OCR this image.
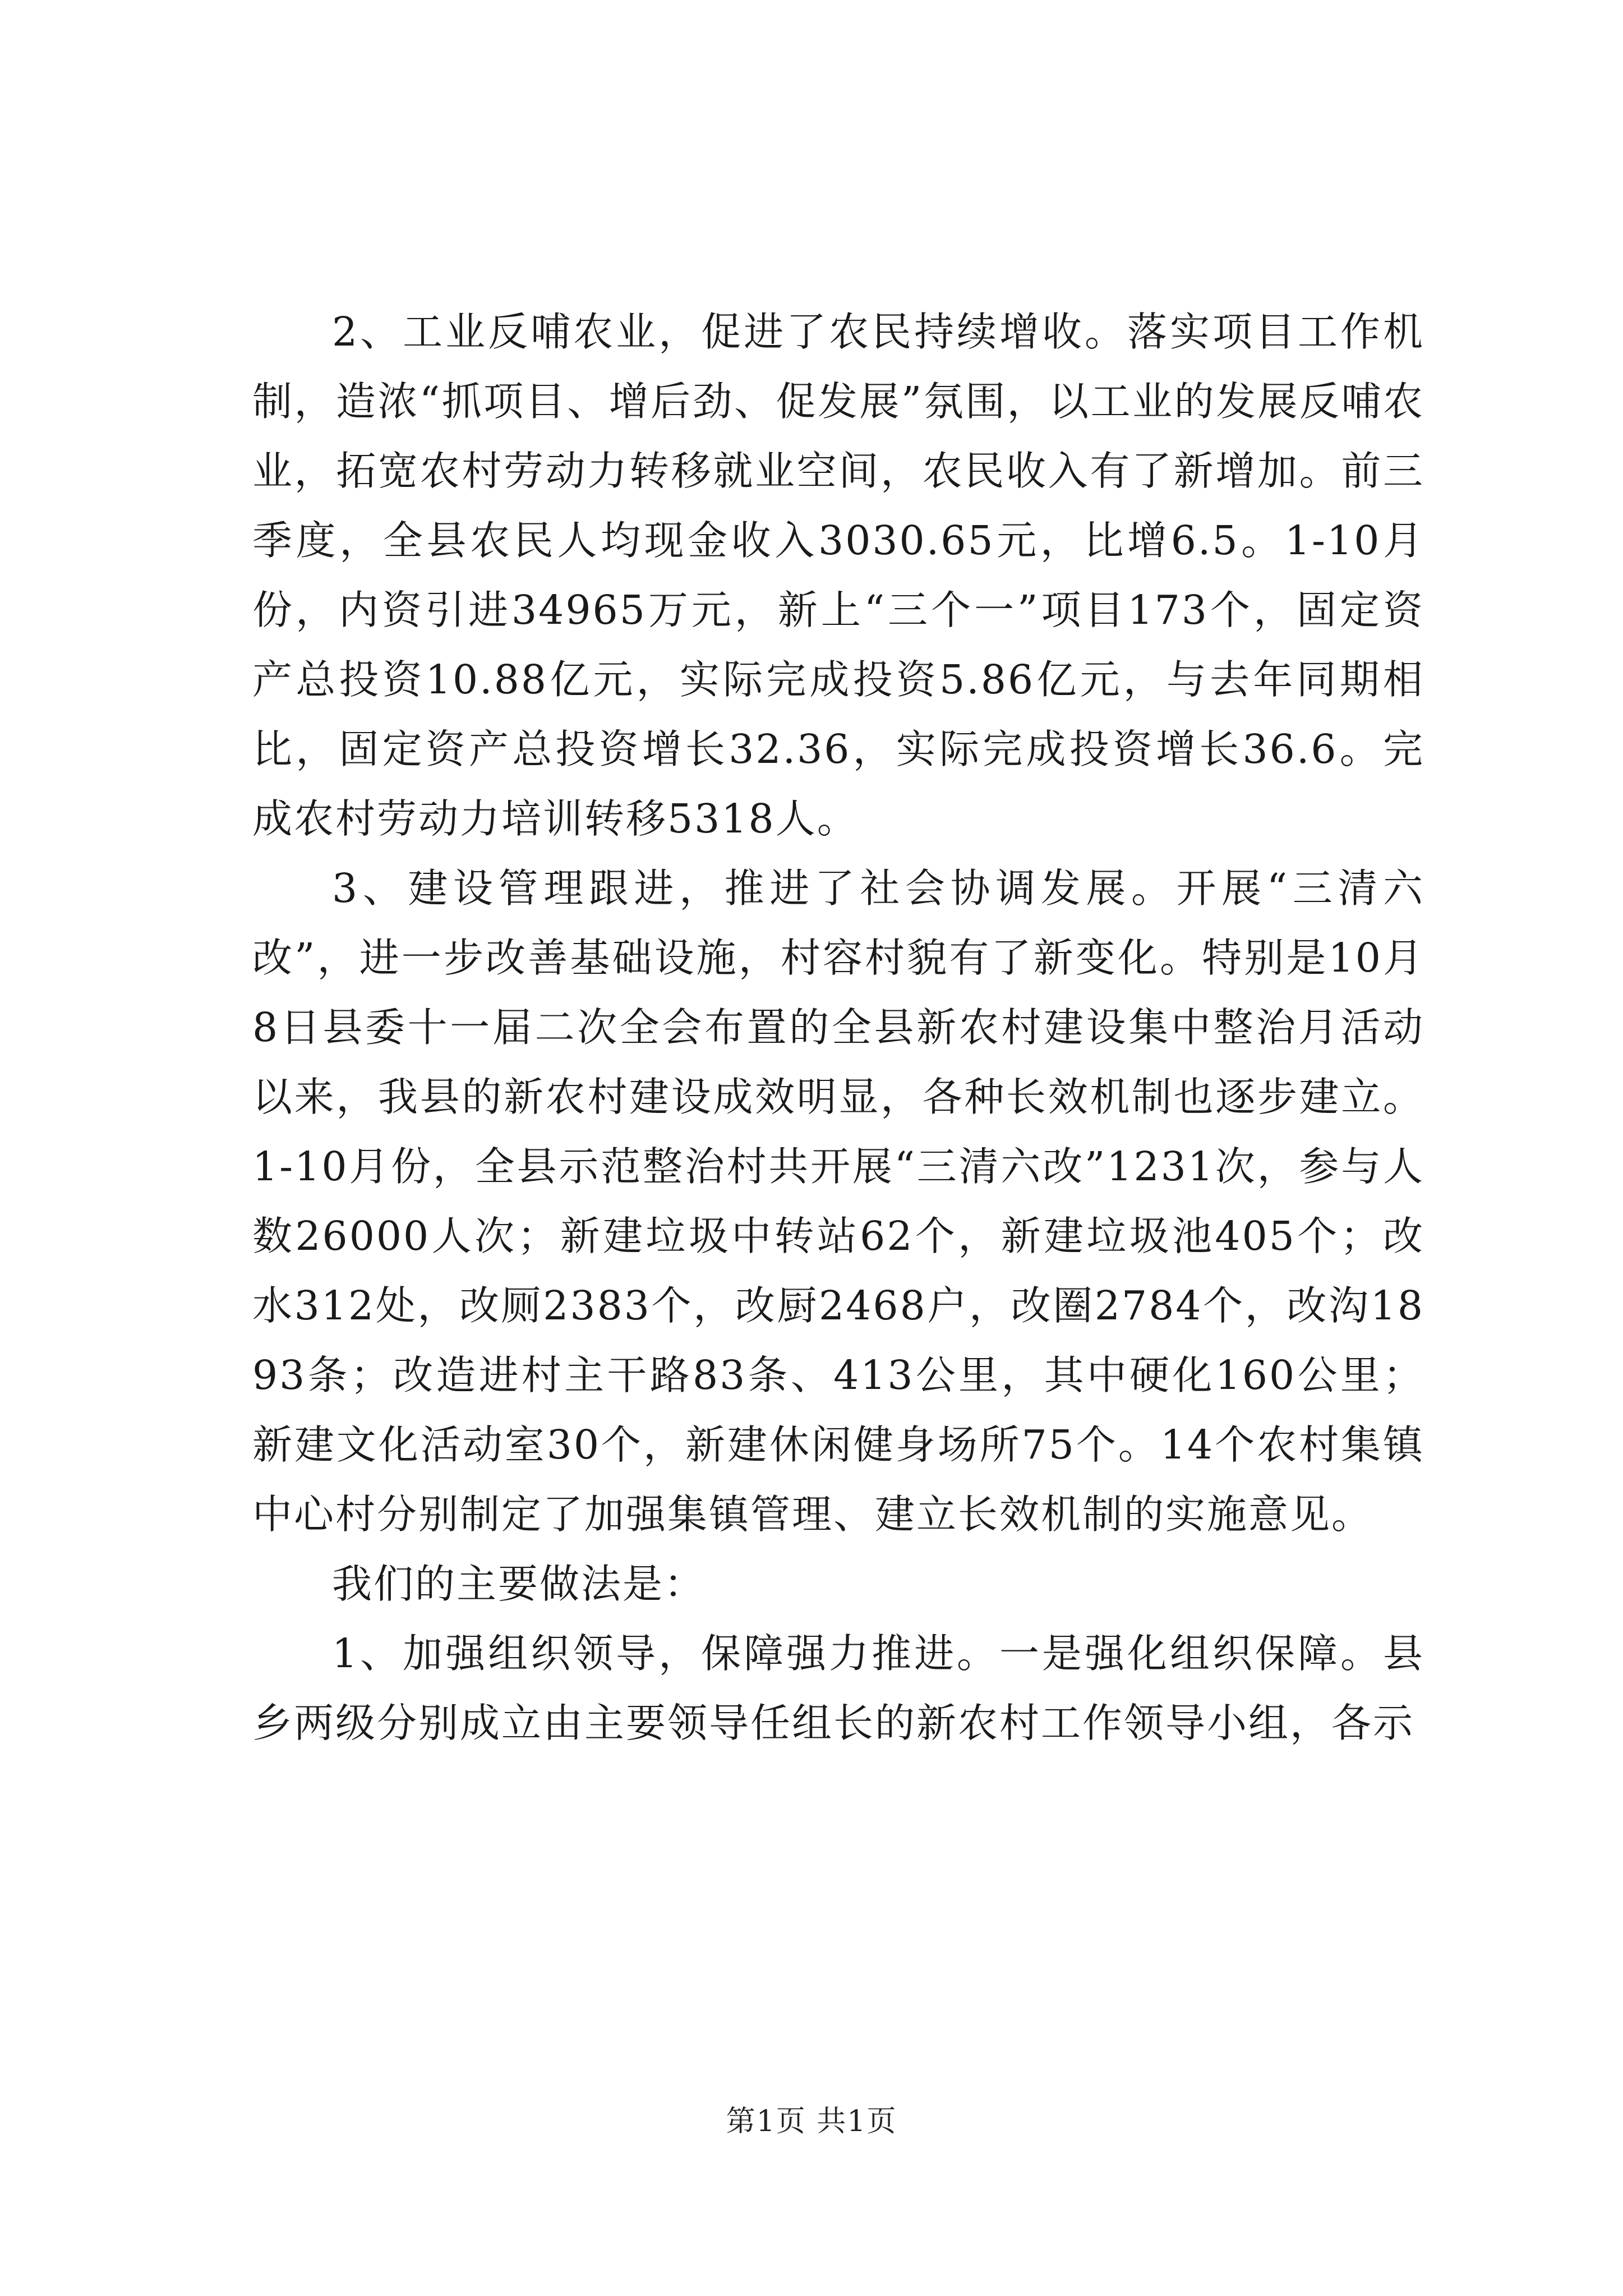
2、工业反哺农业，促进了农民持续增收。落实项目工作机制，造浓“抓项目、增后劲、促发展”氛围，以工业的发展反哺农业，拓宽农村劳动力转移就业空间，农民收入有了新增加。前三季度，全县农民人均现金收入3030.65元，比增6.5。1-10月份，内资引进34965万元，新上“三个一”项目173个，固定资产总投资10.88亿元，实际完成投资5.86亿元，与去年同期相比，固定资产总投资增长32.36，实际完成投资增长36.6。完成农村劳动力培训转移5318人。

3、建设管理跟进，推进了社会协调发展。开展“三清六改”，进一步改善基础设施，村容村貌有了新变化。特别是10月8日县委十一届二次全会布置的全县新农村建设集中整治月活动以来，我县的新农村建设成效明显，各种长效机制也逐步建立。1-10月份，全县示范整治村共开展“三清六改”1231次，参与人数26000人次；新建垃圾中转站62个，新建垃圾池405个；改水312处，改厕2383个，改厨2468户，改圈2784个，改沟1893条；改造进村主干路83条、413公里，其中硬化160公里；新建文化活动室30个，新建休闲健身场所75个。14个农村集镇中心村分别制定了加强集镇管理、建立长效机制的实施意见。

我们的主要做法是：

1、加强组织领导，保障强力推进。一是强化组织保障。县乡两级分别成立由主要领导任组长的新农村工作领导小组，各示

第1页 共1页
